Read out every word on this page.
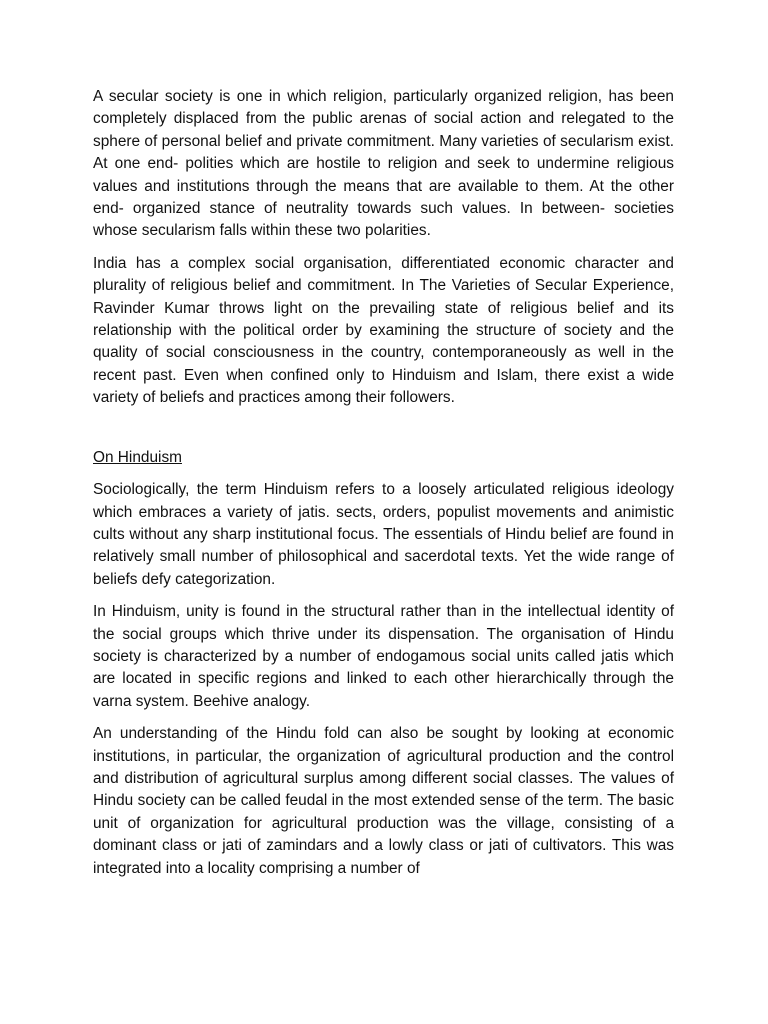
A secular society is one in which religion, particularly organized religion, has been completely displaced from the public arenas of social action and relegated to the sphere of personal belief and private commitment. Many varieties of secularism exist. At one end- polities which are hostile to religion and seek to undermine religious values and institutions through the means that are available to them. At the other end- organized stance of neutrality towards such values. In between- societies whose secularism falls within these two polarities.

India has a complex social organisation, differentiated economic character and plurality of religious belief and commitment. In The Varieties of Secular Experience, Ravinder Kumar throws light on the prevailing state of religious belief and its relationship with the political order by examining the structure of society and the quality of social consciousness in the country, contemporaneously as well in the recent past. Even when confined only to Hinduism and Islam, there exist a wide variety of beliefs and practices among their followers.

On Hinduism

Sociologically, the term Hinduism refers to a loosely articulated religious ideology which embraces a variety of jatis. sects, orders, populist movements and animistic cults without any sharp institutional focus. The essentials of Hindu belief are found in relatively small number of philosophical and sacerdotal texts. Yet the wide range of beliefs defy categorization.

In Hinduism, unity is found in the structural rather than in the intellectual identity of the social groups which thrive under its dispensation. The organisation of Hindu society is characterized by a number of endogamous social units called jatis which are located in specific regions and linked to each other hierarchically through the varna system. Beehive analogy.

An understanding of the Hindu fold can also be sought by looking at economic institutions, in particular, the organization of agricultural production and the control and distribution of agricultural surplus among different social classes. The values of Hindu society can be called feudal in the most extended sense of the term. The basic unit of organization for agricultural production was the village, consisting of a dominant class or jati of zamindars and a lowly class or jati of cultivators. This was integrated into a locality comprising a number of
